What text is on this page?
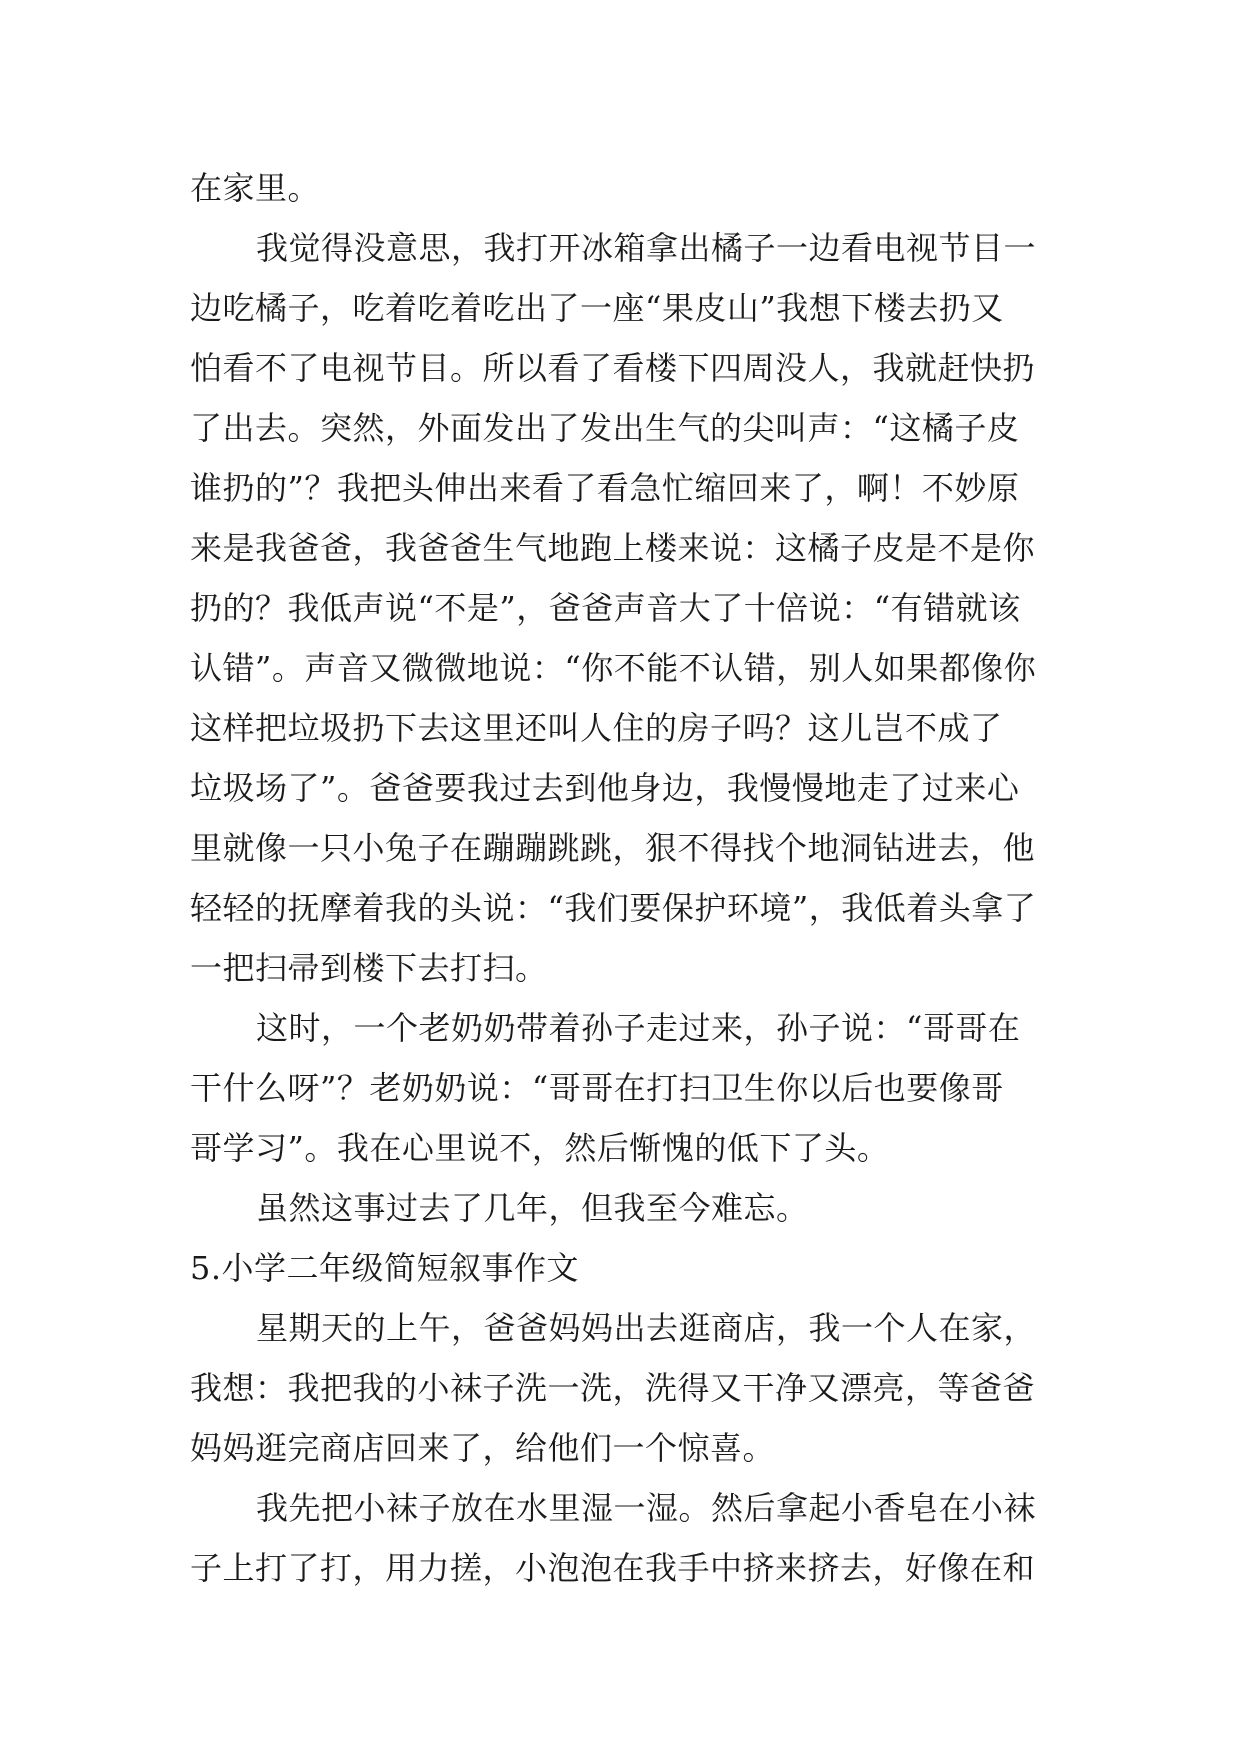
在家里。
我觉得没意思，我打开冰箱拿出橘子一边看电视节目一
边吃橘子，吃着吃着吃出了一座“果皮山”我想下楼去扔又
怕看不了电视节目。所以看了看楼下四周没人，我就赶快扔
了出去。突然，外面发出了发出生气的尖叫声：“这橘子皮
谁扔的”？我把头伸出来看了看急忙缩回来了，啊！不妙原
来是我爸爸，我爸爸生气地跑上楼来说：这橘子皮是不是你
扔的？我低声说“不是”，爸爸声音大了十倍说：“有错就该
认错”。声音又微微地说：“你不能不认错，别人如果都像你
这样把垃圾扔下去这里还叫人住的房子吗？这儿岂不成了
垃圾场了”。爸爸要我过去到他身边，我慢慢地走了过来心
里就像一只小兔子在蹦蹦跳跳，狠不得找个地洞钻进去，他
轻轻的抚摩着我的头说：“我们要保护环境”，我低着头拿了
一把扫帚到楼下去打扫。
这时，一个老奶奶带着孙子走过来，孙子说：“哥哥在
干什么呀”？老奶奶说：“哥哥在打扫卫生你以后也要像哥
哥学习”。我在心里说不，然后惭愧的低下了头。
虽然这事过去了几年，但我至今难忘。
5.小学二年级简短叙事作文
星期天的上午，爸爸妈妈出去逛商店，我一个人在家，
我想：我把我的小袜子洗一洗，洗得又干净又漂亮，等爸爸
妈妈逛完商店回来了，给他们一个惊喜。
我先把小袜子放在水里湿一湿。然后拿起小香皂在小袜
子上打了打，用力搓，小泡泡在我手中挤来挤去，好像在和
